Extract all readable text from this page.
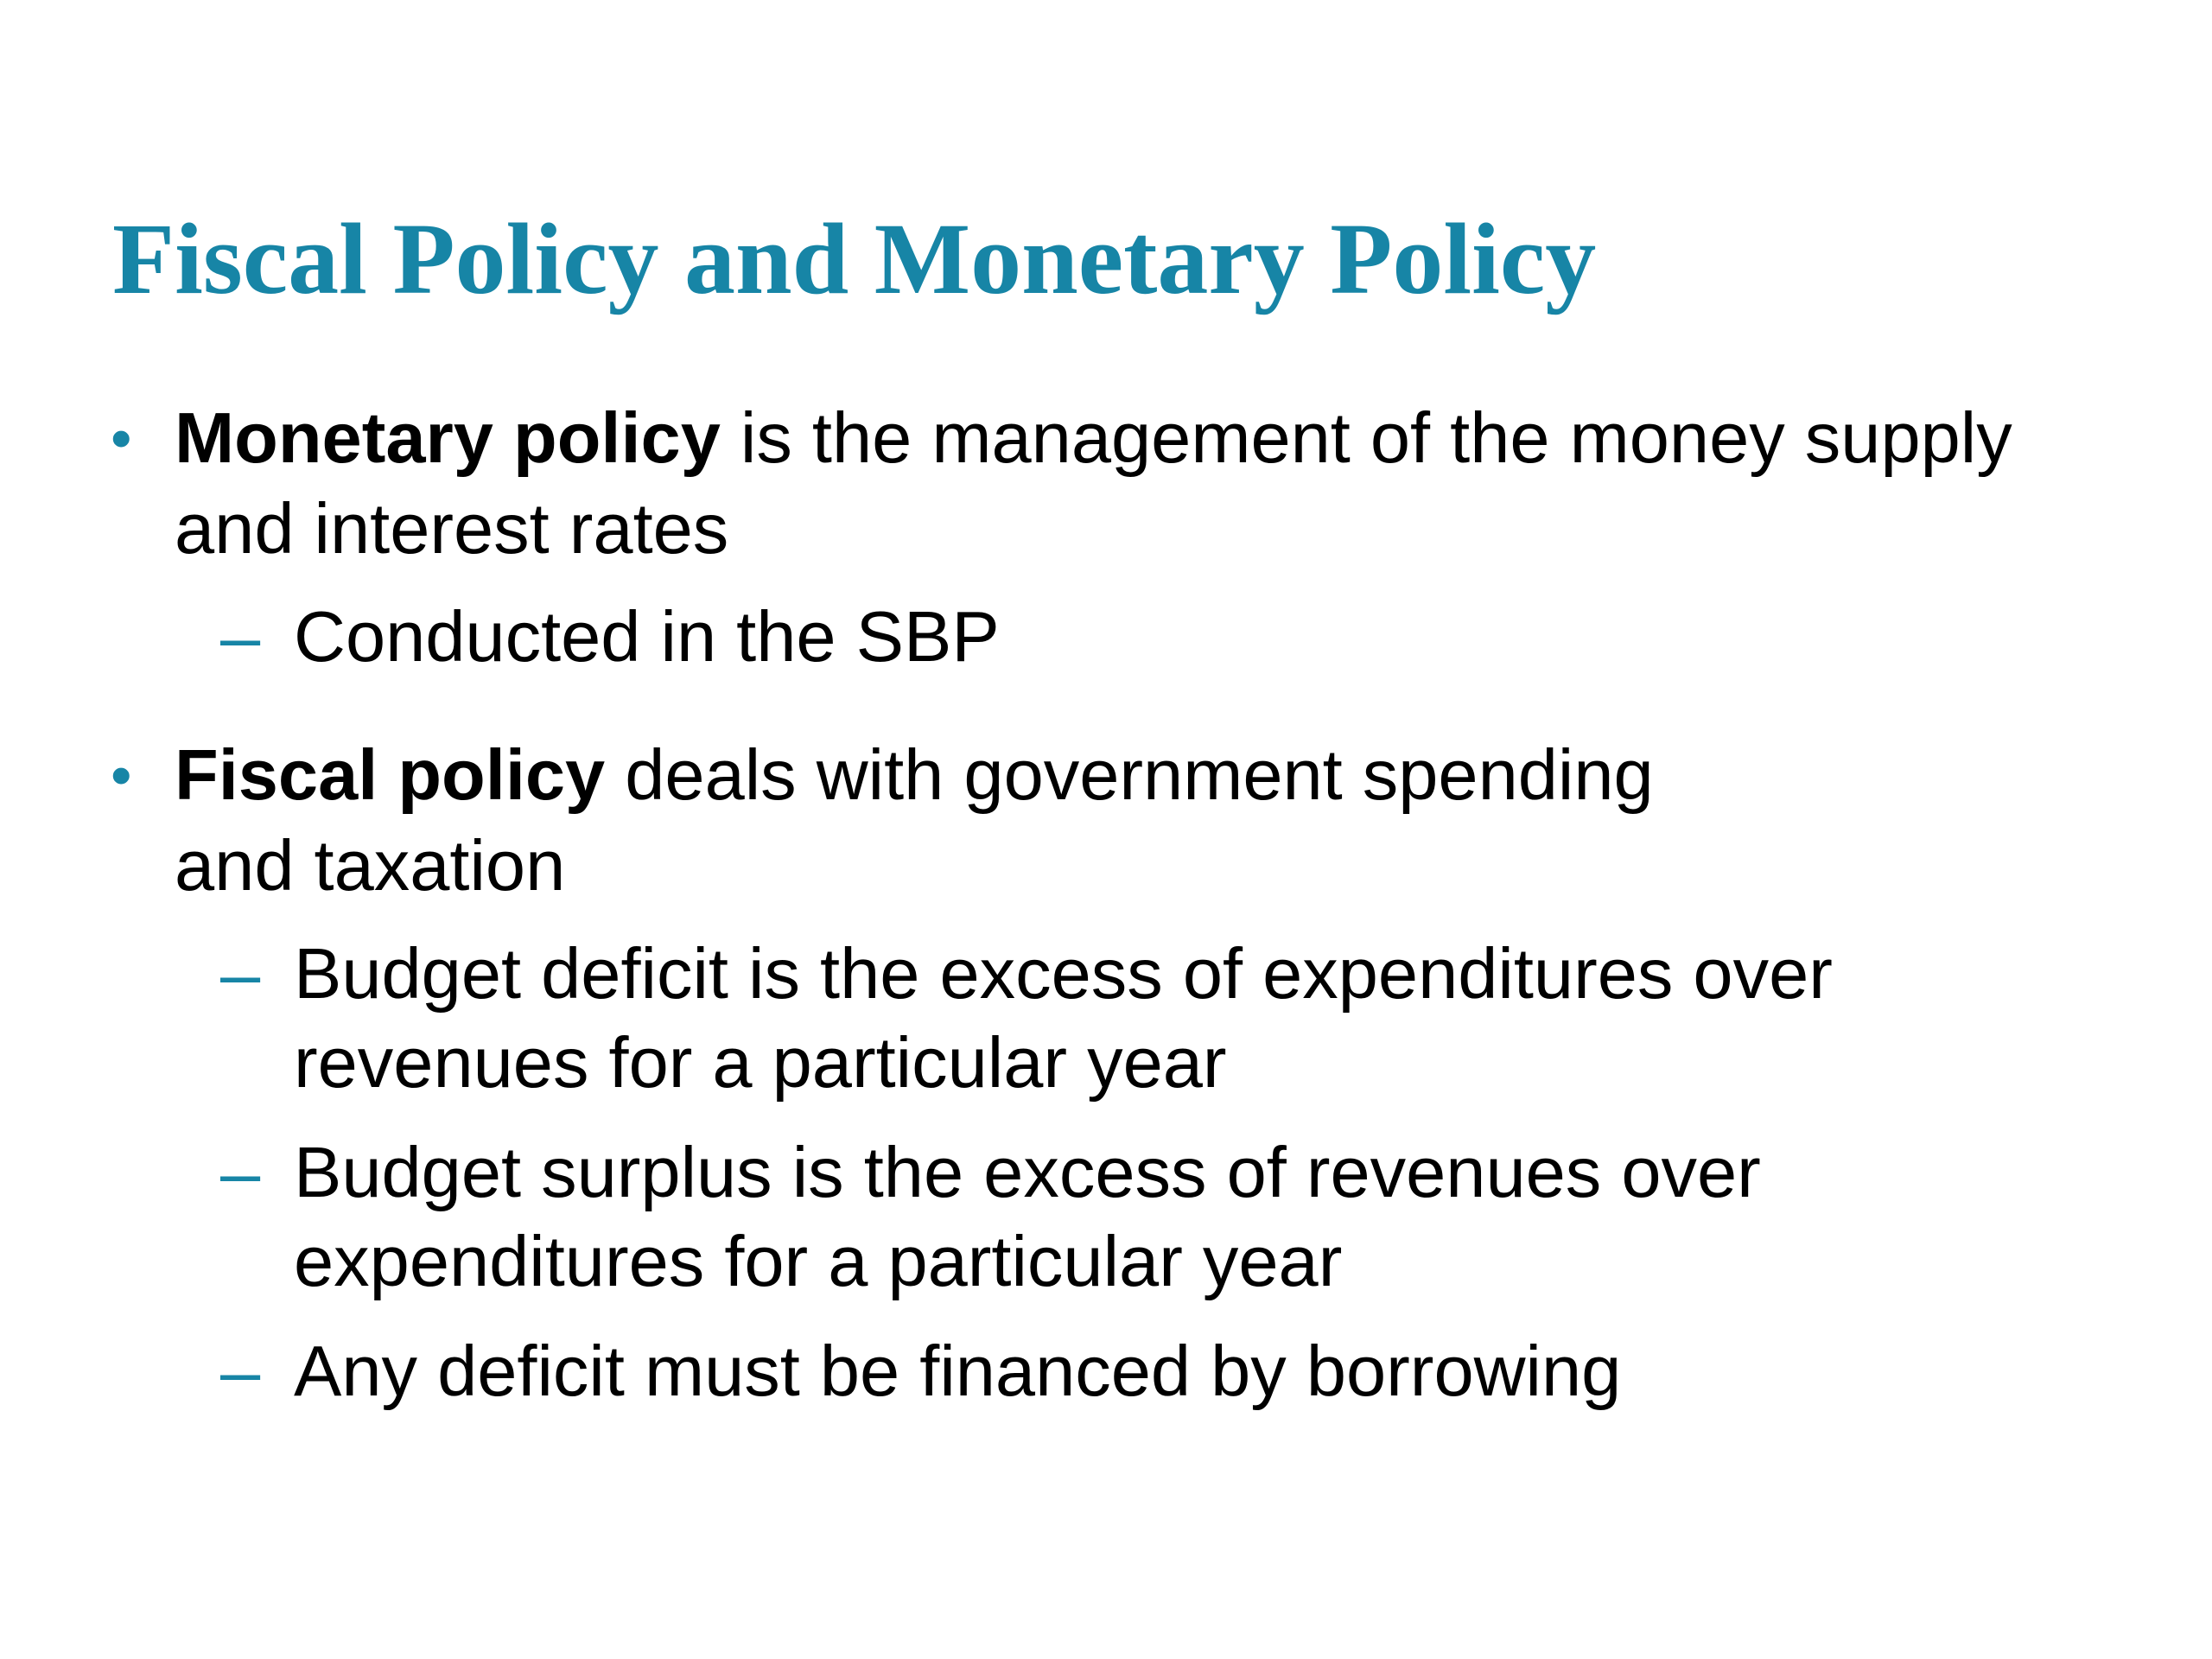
Fiscal Policy and Monetary Policy
• Monetary policy is the management of the money supply

and interest rates

– Conducted in the SBP

• Fiscal policy deals with government spending

and taxation

– Budget deficit is the excess of expenditures over

revenues for a particular year

– Budget surplus is the excess of revenues over

expenditures for a particular year

– Any deficit must be financed by borrowing
